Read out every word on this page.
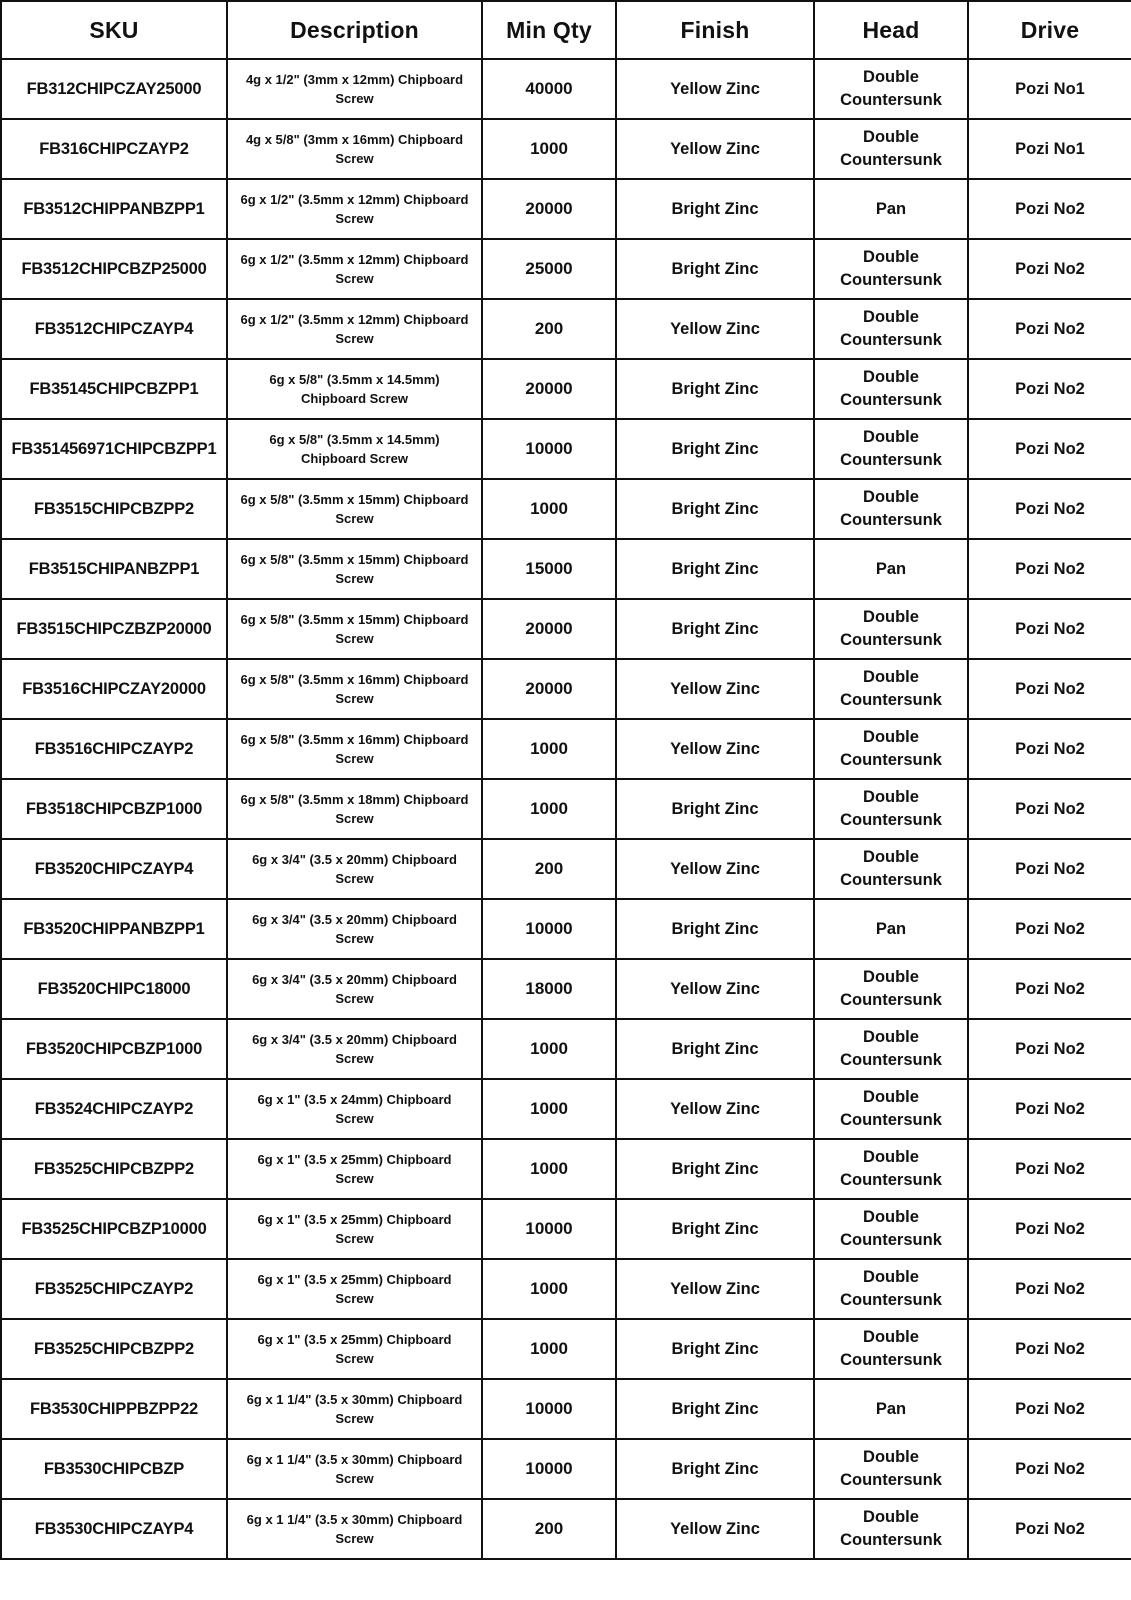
SKU	Description	Min Qty	Finish	Head	Drive
FB312CHIPCZAY25000	4g x 1/2" (3mm x 12mm) Chipboard Screw	40000	Yellow Zinc	Double Countersunk	Pozi No1
FB316CHIPCZAYP2	4g x 5/8" (3mm x 16mm) Chipboard Screw	1000	Yellow Zinc	Double Countersunk	Pozi No1
FB3512CHIPPANBZPP1	6g x 1/2" (3.5mm x 12mm) Chipboard Screw	20000	Bright Zinc	Pan	Pozi No2
FB3512CHIPCBZP25000	6g x 1/2" (3.5mm x 12mm) Chipboard Screw	25000	Bright Zinc	Double Countersunk	Pozi No2
FB3512CHIPCZAYP4	6g x 1/2" (3.5mm x 12mm) Chipboard Screw	200	Yellow Zinc	Double Countersunk	Pozi No2
FB35145CHIPCBZPP1	6g x 5/8" (3.5mm x 14.5mm) Chipboard Screw	20000	Bright Zinc	Double Countersunk	Pozi No2
FB351456971CHIPCBZPP1	6g x 5/8" (3.5mm x 14.5mm) Chipboard Screw	10000	Bright Zinc	Double Countersunk	Pozi No2
FB3515CHIPCBZPP2	6g x 5/8" (3.5mm x 15mm) Chipboard Screw	1000	Bright Zinc	Double Countersunk	Pozi No2
FB3515CHIPANBZPP1	6g x 5/8" (3.5mm x 15mm) Chipboard Screw	15000	Bright Zinc	Pan	Pozi No2
FB3515CHIPCZBZP20000	6g x 5/8" (3.5mm x 15mm) Chipboard Screw	20000	Bright Zinc	Double Countersunk	Pozi No2
FB3516CHIPCZAY20000	6g x 5/8" (3.5mm x 16mm) Chipboard Screw	20000	Yellow Zinc	Double Countersunk	Pozi No2
FB3516CHIPCZAYP2	6g x 5/8" (3.5mm x 16mm) Chipboard Screw	1000	Yellow Zinc	Double Countersunk	Pozi No2
FB3518CHIPCBZP1000	6g x 5/8" (3.5mm x 18mm) Chipboard Screw	1000	Bright Zinc	Double Countersunk	Pozi No2
FB3520CHIPCZAYP4	6g x 3/4" (3.5 x 20mm) Chipboard Screw	200	Yellow Zinc	Double Countersunk	Pozi No2
FB3520CHIPPANBZPP1	6g x 3/4" (3.5 x 20mm) Chipboard Screw	10000	Bright Zinc	Pan	Pozi No2
FB3520CHIPC18000	6g x 3/4" (3.5 x 20mm) Chipboard Screw	18000	Yellow Zinc	Double Countersunk	Pozi No2
FB3520CHIPCBZP1000	6g x 3/4" (3.5 x 20mm) Chipboard Screw	1000	Bright Zinc	Double Countersunk	Pozi No2
FB3524CHIPCZAYP2	6g x 1" (3.5 x 24mm) Chipboard Screw	1000	Yellow Zinc	Double Countersunk	Pozi No2
FB3525CHIPCBZPP2	6g x 1" (3.5 x 25mm) Chipboard Screw	1000	Bright Zinc	Double Countersunk	Pozi No2
FB3525CHIPCBZP10000	6g x 1" (3.5 x 25mm) Chipboard Screw	10000	Bright Zinc	Double Countersunk	Pozi No2
FB3525CHIPCZAYP2	6g x 1" (3.5 x 25mm) Chipboard Screw	1000	Yellow Zinc	Double Countersunk	Pozi No2
FB3525CHIPCBZPP2	6g x 1" (3.5 x 25mm) Chipboard Screw	1000	Bright Zinc	Double Countersunk	Pozi No2
FB3530CHIPPBZPP22	6g x 1 1/4" (3.5 x 30mm) Chipboard Screw	10000	Bright Zinc	Pan	Pozi No2
FB3530CHIPCBZP	6g x 1 1/4" (3.5 x 30mm) Chipboard Screw	10000	Bright Zinc	Double Countersunk	Pozi No2
FB3530CHIPCZAYP4	6g x 1 1/4" (3.5 x 30mm) Chipboard Screw	200	Yellow Zinc	Double Countersunk	Pozi No2
